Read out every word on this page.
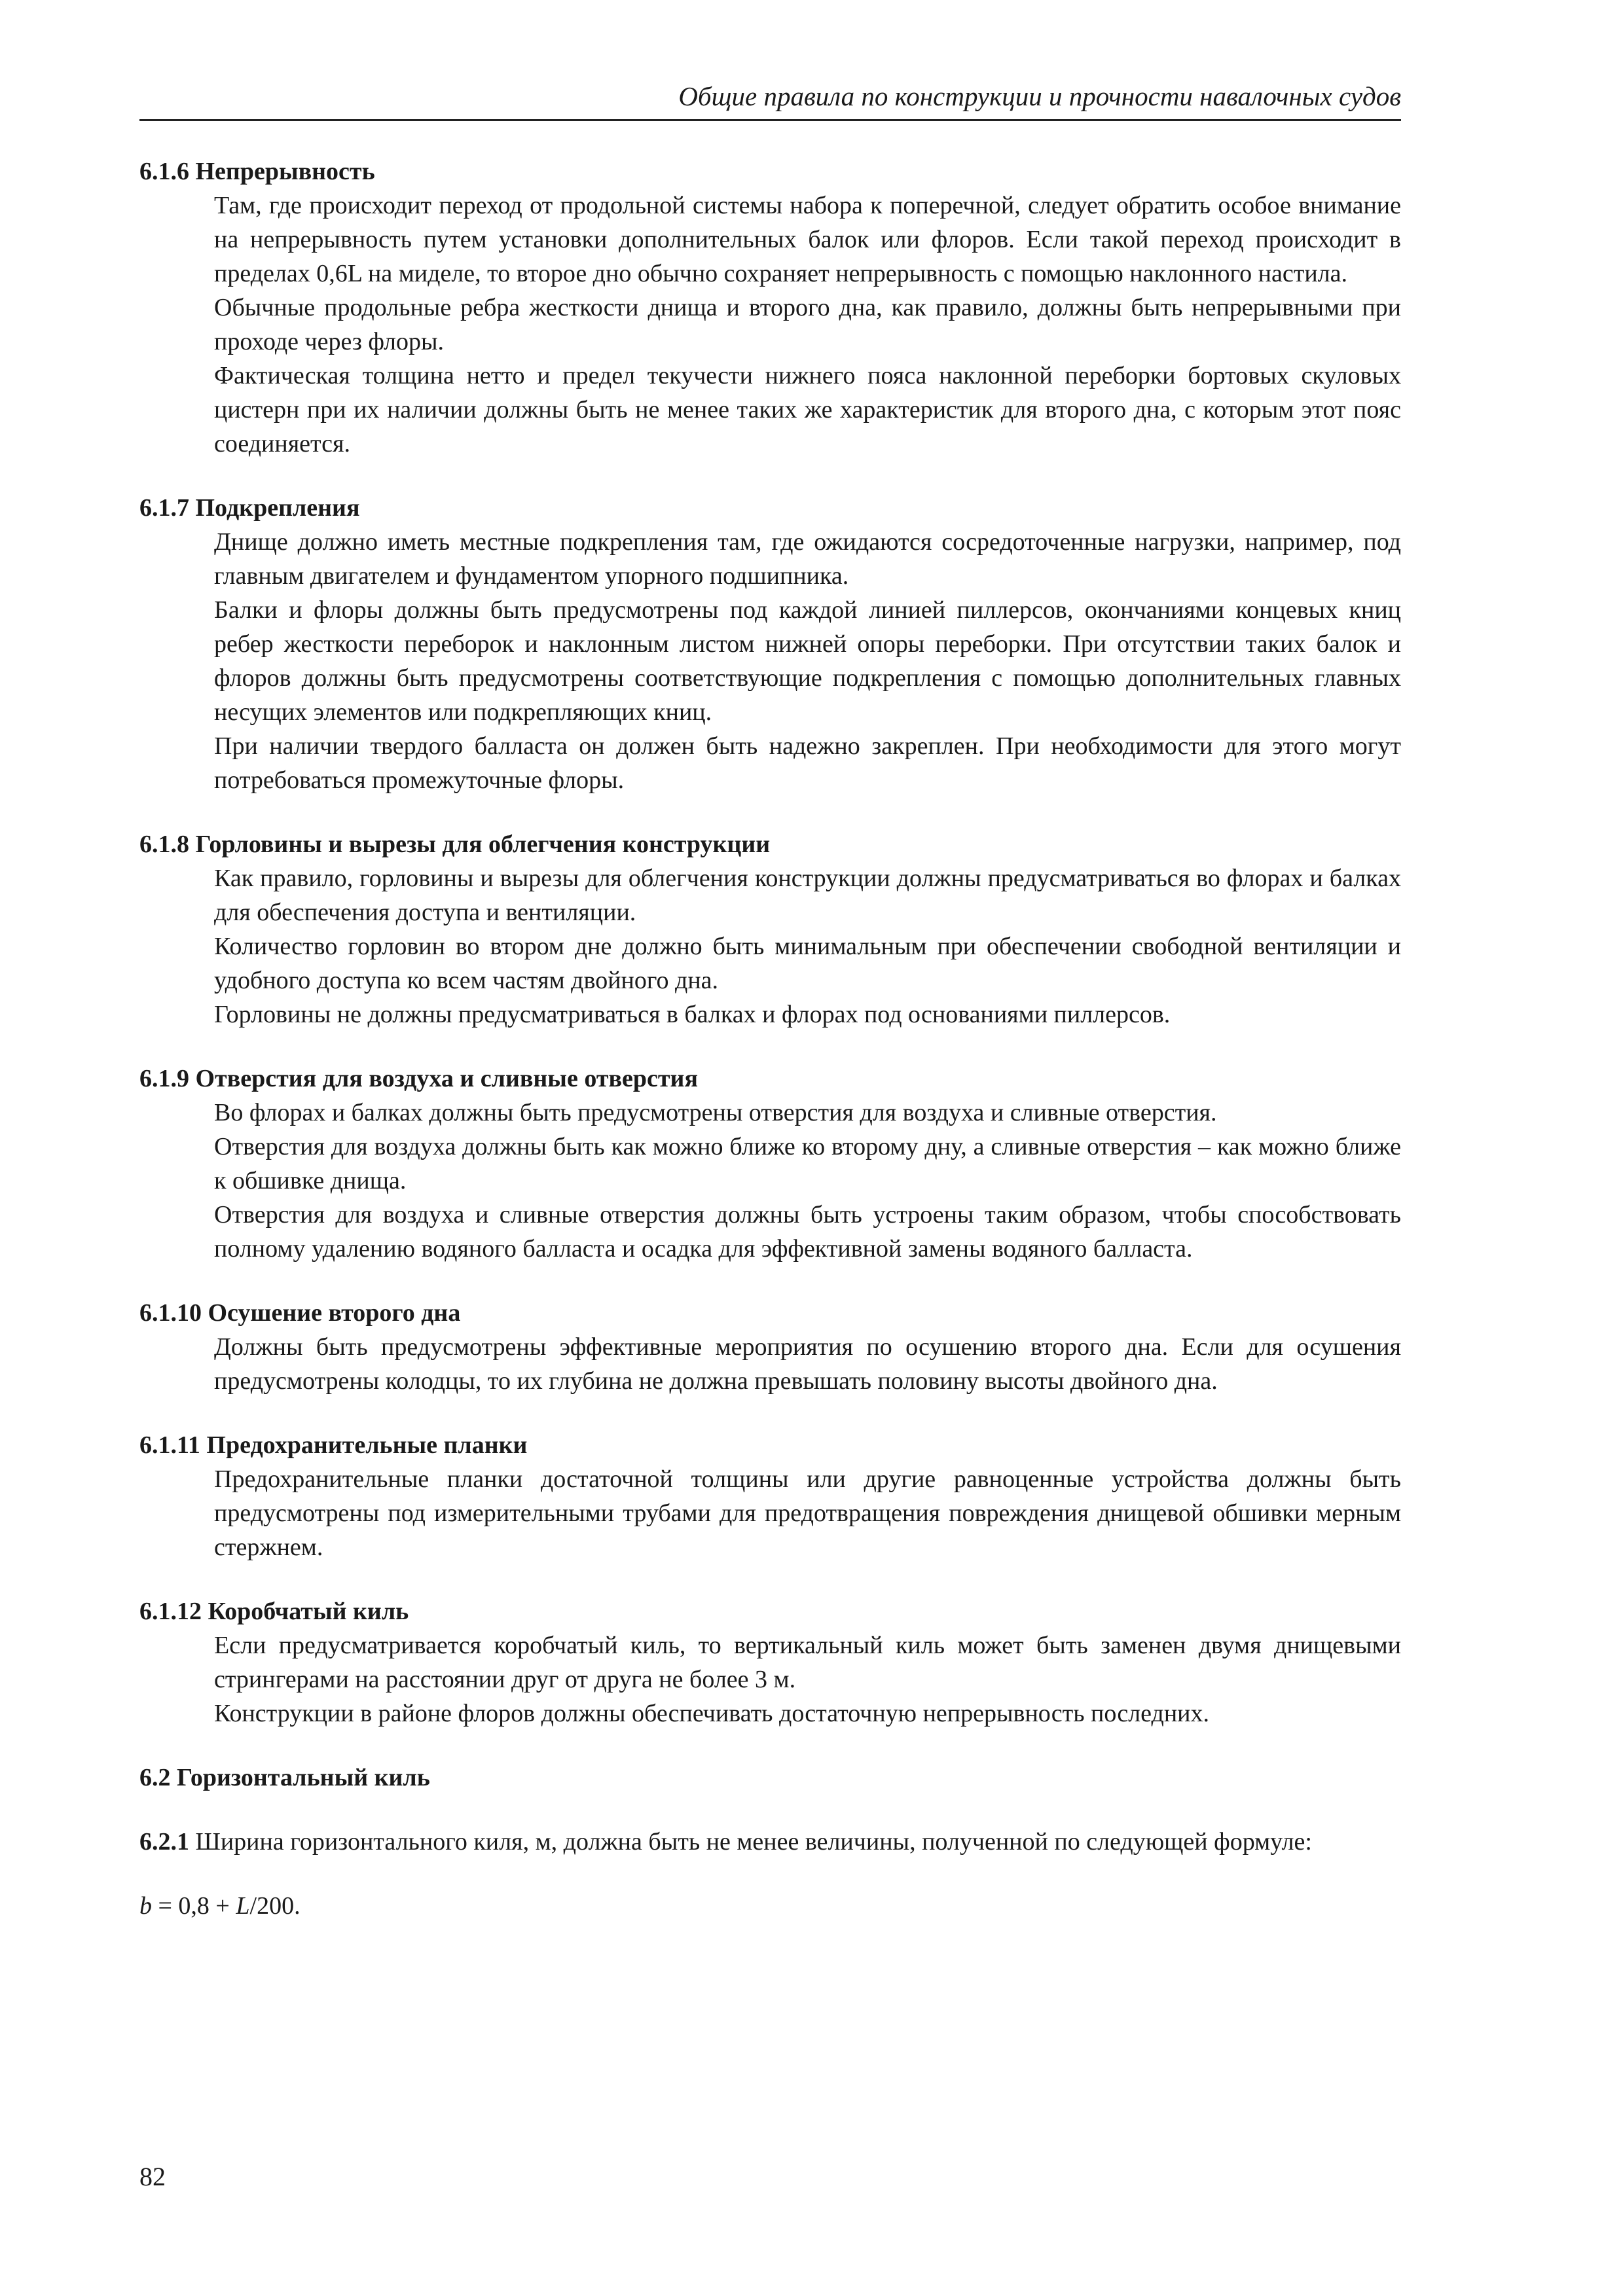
Общие правила по конструкции и прочности навалочных судов

6.1.6 Непрерывность

Там, где происходит переход от продольной системы набора к поперечной, следует обратить особое внимание на непрерывность путем установки дополнительных балок или флоров. Если такой переход происходит в пределах 0,6L на миделе, то второе дно обычно сохраняет непрерывность с помощью наклонного настила.

Обычные продольные ребра жесткости днища и второго дна, как правило, должны быть непрерывными при проходе через флоры.

Фактическая толщина нетто и предел текучести нижнего пояса наклонной переборки бортовых скуловых цистерн при их наличии должны быть не менее таких же характеристик для второго дна, с которым этот пояс соединяется.

6.1.7 Подкрепления

Днище должно иметь местные подкрепления там, где ожидаются сосредоточенные нагрузки, например, под главным двигателем и фундаментом упорного подшипника.

Балки и флоры должны быть предусмотрены под каждой линией пиллерсов, окончаниями концевых книц ребер жесткости переборок и наклонным листом нижней опоры переборки. При отсутствии таких балок и флоров должны быть предусмотрены соответствующие подкрепления с помощью дополнительных главных несущих элементов или подкрепляющих книц.

При наличии твердого балласта он должен быть надежно закреплен. При необходимости для этого могут потребоваться промежуточные флоры.

6.1.8 Горловины и вырезы для облегчения конструкции

Как правило, горловины и вырезы для облегчения конструкции должны предусматриваться во флорах и балках для обеспечения доступа и вентиляции.

Количество горловин во втором дне должно быть минимальным при обеспечении свободной вентиляции и удобного доступа ко всем частям двойного дна.

Горловины не должны предусматриваться в балках и флорах под основаниями пиллерсов.

6.1.9 Отверстия для воздуха и сливные отверстия

Во флорах и балках должны быть предусмотрены отверстия для воздуха и сливные отверстия.

Отверстия для воздуха должны быть как можно ближе ко второму дну, а сливные отверстия – как можно ближе к обшивке днища.

Отверстия для воздуха и сливные отверстия должны быть устроены таким образом, чтобы способствовать полному удалению водяного балласта и осадка для эффективной замены водяного балласта.

6.1.10 Осушение второго дна

Должны быть предусмотрены эффективные мероприятия по осушению второго дна. Если для осушения предусмотрены колодцы, то их глубина не должна превышать половину высоты двойного дна.

6.1.11 Предохранительные планки

Предохранительные планки достаточной толщины или другие равноценные устройства должны быть предусмотрены под измерительными трубами для предотвращения повреждения днищевой обшивки мерным стержнем.

6.1.12 Коробчатый киль

Если предусматривается коробчатый киль, то вертикальный киль может быть заменен двумя днищевыми стрингерами на расстоянии друг от друга не более 3 м.

Конструкции в районе флоров должны обеспечивать достаточную непрерывность последних.

6.2 Горизонтальный киль

6.2.1 Ширина горизонтального киля, м, должна быть не менее величины, полученной по следующей формуле:

b = 0,8 + L/200.

82
